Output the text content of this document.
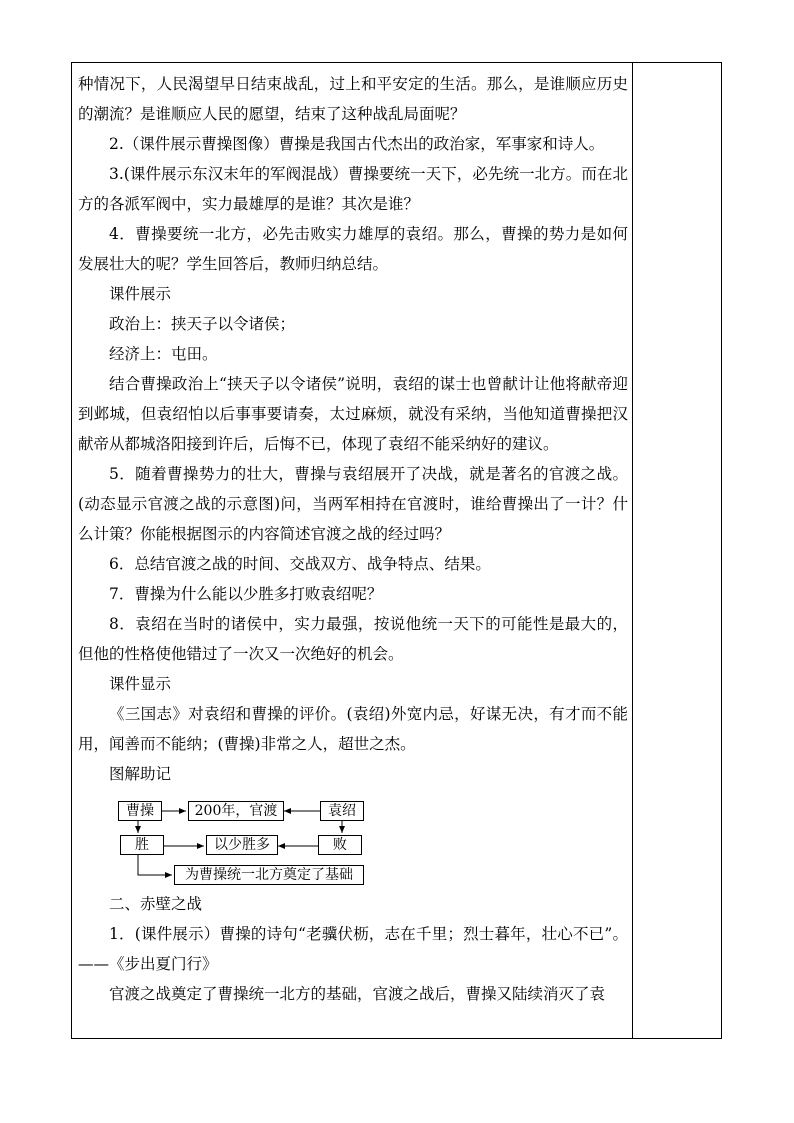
种情况下，人民渴望早日结束战乱，过上和平安定的生活。那么，是谁顺应历史的潮流？是谁顺应人民的愿望，结束了这种战乱局面呢？

2.（课件展示曹操图像）曹操是我国古代杰出的政治家，军事家和诗人。

3.(课件展示东汉末年的军阀混战）曹操要统一天下，必先统一北方。而在北方的各派军阀中，实力最雄厚的是谁？其次是谁？

4．曹操要统一北方，必先击败实力雄厚的袁绍。那么，曹操的势力是如何发展壮大的呢？学生回答后，教师归纳总结。

课件展示

政治上：挟天子以令诸侯；

经济上：屯田。

结合曹操政治上“挟天子以令诸侯”说明，袁绍的谋士也曾献计让他将献帝迎到邺城，但袁绍怕以后事事要请奏，太过麻烦，就没有采纳，当他知道曹操把汉献帝从都城洛阳接到许后，后悔不已，体现了袁绍不能采纳好的建议。

5．随着曹操势力的壮大，曹操与袁绍展开了决战，就是著名的官渡之战。(动态显示官渡之战的示意图)问，当两军相持在官渡时，谁给曹操出了一计？什么计策？你能根据图示的内容简述官渡之战的经过吗？

6．总结官渡之战的时间、交战双方、战争特点、结果。

7．曹操为什么能以少胜多打败袁绍呢？

8．袁绍在当时的诸侯中，实力最强，按说他统一天下的可能性是最大的，但他的性格使他错过了一次又一次绝好的机会。

课件显示

《三国志》对袁绍和曹操的评价。(袁绍)外宽内忌，好谋无决，有才而不能用，闻善而不能纳；(曹操)非常之人，超世之杰。

图解助记

曹操	200年，官渡	袁绍
胜	以少胜多	败
为曹操统一北方奠定了基础

二、赤壁之战

1．(课件展示）曹操的诗句“老骥伏枥，志在千里；烈士暮年，壮心不已”。——《步出夏门行》

官渡之战奠定了曹操统一北方的基础，官渡之战后，曹操又陆续消灭了袁
